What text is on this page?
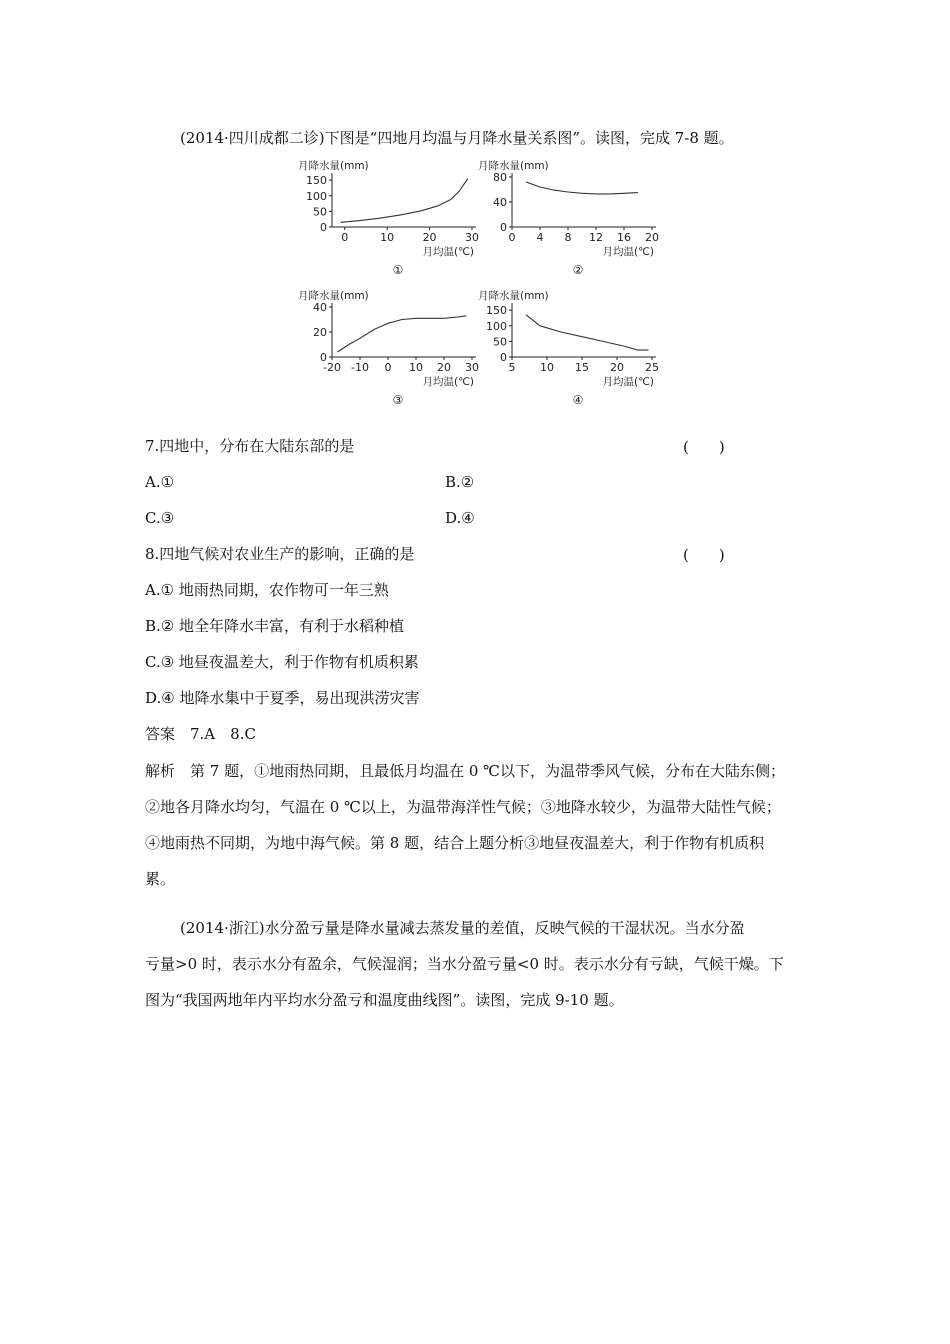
(2014·四川成都二诊)下图是“四地月均温与月降水量关系图”。读图，完成 7-8 题。
月降水量(mm)
0
50
100
150
0	10	20	30
月均温(℃)
①
月降水量(mm)
0
40
80
0 4 8 12 16 20
月均温(℃)
②
月降水量(mm)
0
20
40
-20 -10 0 10 20 30
月均温(℃)
③
月降水量(mm)
0
50
100
150
5 10 15 20 25
月均温(℃)
④
7.四地中，分布在大陆东部的是	(　　)
A.①	B.②
C.③	D.④
8.四地气候对农业生产的影响，正确的是	(　　)
A.① 地雨热同期，农作物可一年三熟
B.② 地全年降水丰富，有利于水稻种植
C.③ 地昼夜温差大，利于作物有机质积累
D.④ 地降水集中于夏季，易出现洪涝灾害
答案　7.A　8.C
解析　第 7 题，①地雨热同期，且最低月均温在 0 ℃以下，为温带季风气候，分布在大陆东侧；
②地各月降水均匀，气温在 0 ℃以上，为温带海洋性气候；③地降水较少，为温带大陆性气候；
④地雨热不同期，为地中海气候。第 8 题，结合上题分析③地昼夜温差大，利于作物有机质积
累。
(2014·浙江)水分盈亏量是降水量减去蒸发量的差值，反映气候的干湿状况。当水分盈
亏量>0 时，表示水分有盈余，气候湿润；当水分盈亏量<0 时。表示水分有亏缺，气候干燥。下
图为“我国两地年内平均水分盈亏和温度曲线图”。读图，完成 9-10 题。
